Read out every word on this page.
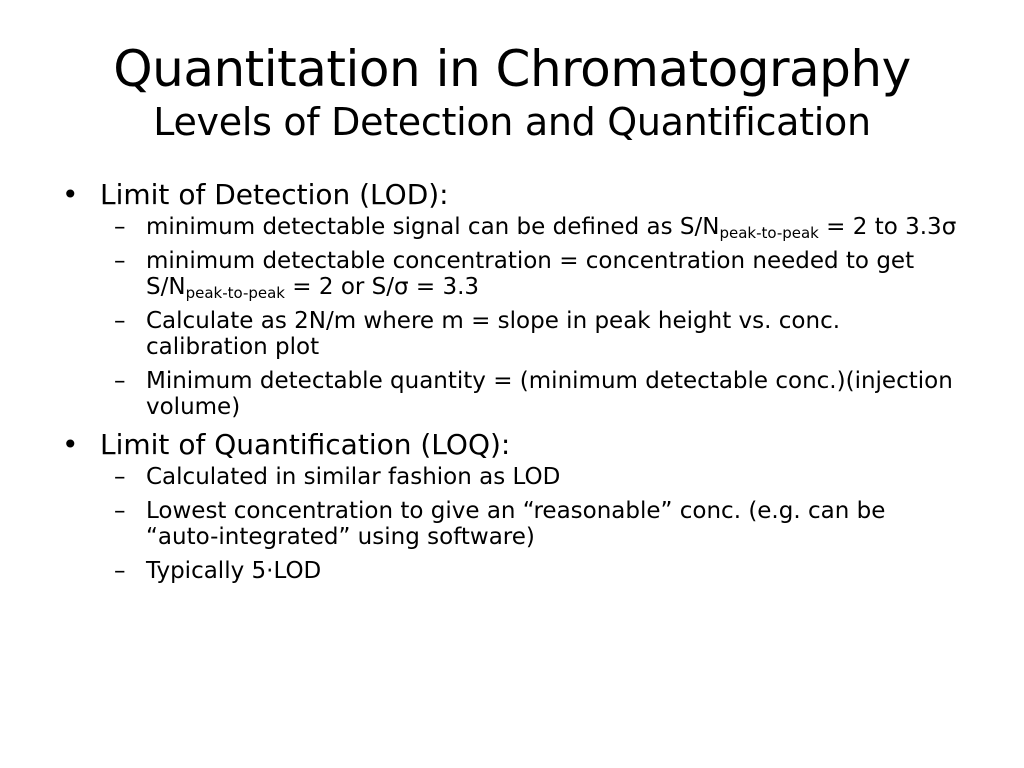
Quantitation in Chromatography
Levels of Detection and Quantification
• Limit of Detection (LOD):
– minimum detectable signal can be defined as $S/N_{peak-to-peak} = 2$ to 3.3σ
– minimum detectable concentration = concentration needed to get $S/N_{peak-to-peak} = 2$ or S/σ = 3.3
– Calculate as 2N/m where m = slope in peak height vs. conc. calibration plot
– Minimum detectable quantity = (minimum detectable conc.)(injection volume)
• Limit of Quantification (LOQ):
– Calculated in similar fashion as LOD
– Lowest concentration to give an “reasonable” conc. (e.g. can be “auto-integrated” using software)
– Typically 5·LOD
